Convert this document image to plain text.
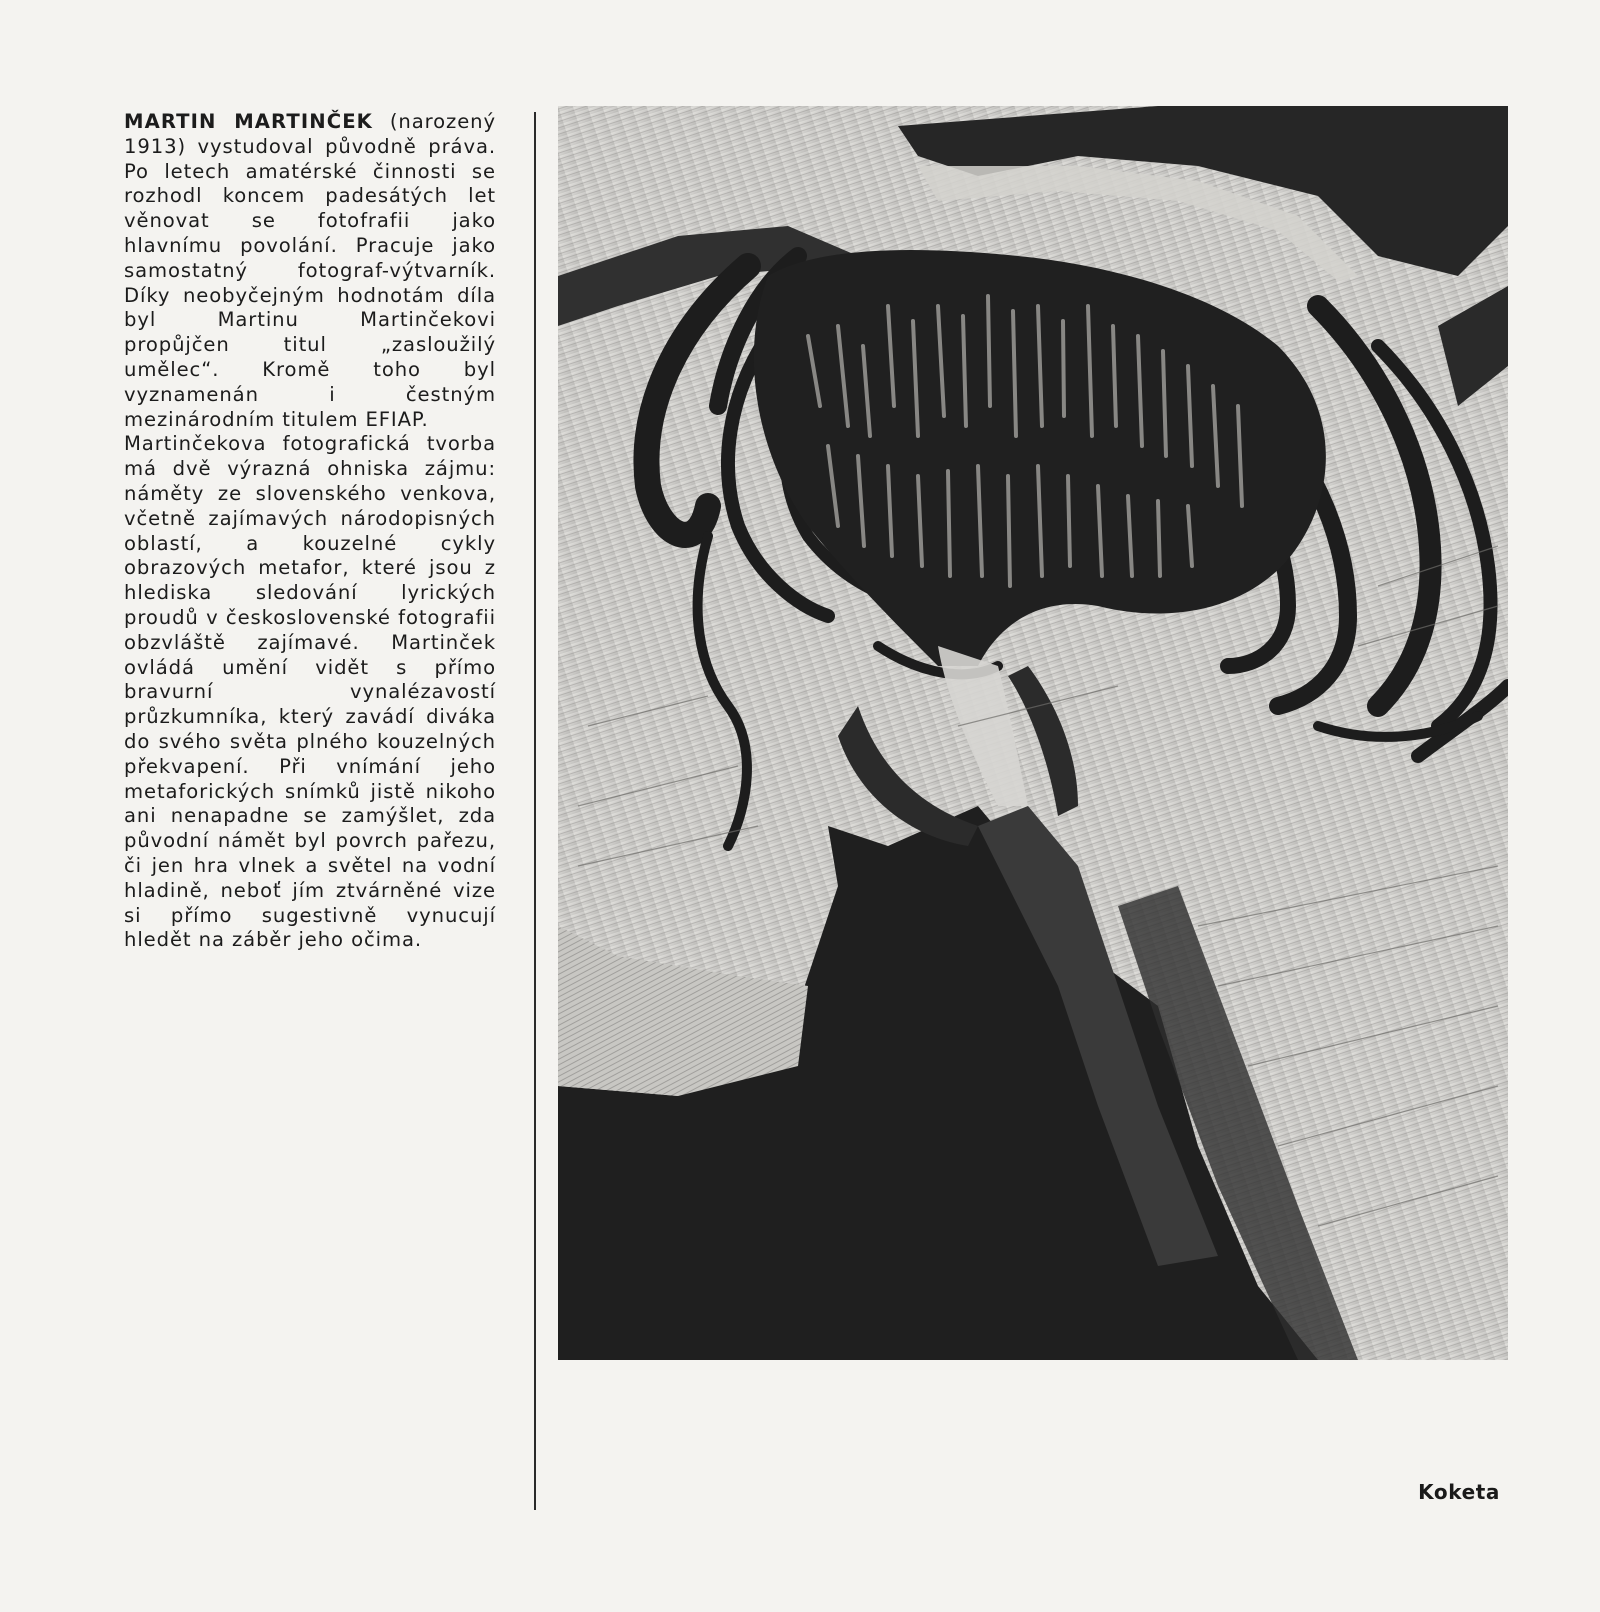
MARTIN MARTINČEK (narozený 1913) vystudoval původně práva. Po letech amatérské činnosti se rozhodl koncem padesátých let věnovat se fotofrafii jako hlavnímu povolání. Pracuje jako samostatný fotograf-výtvarník. Díky neobyčejným hodnotám díla byl Martinu Martinčekovi propůjčen titul „zasloužilý umělec“. Kromě toho byl vyznamenán i čestným mezinárodním titulem EFIAP.

Martinčekova fotografická tvorba má dvě výrazná ohniska zájmu: náměty ze slovenského venkova, včetně zajímavých národopisných oblastí, a kouzelné cykly obrazových metafor, které jsou z hlediska sledování lyrických proudů v československé fotografii obzvláště zajímavé. Martinček ovládá umění vidět s přímo bravurní vynalézavostí průzkumníka, který zavádí diváka do svého světa plného kouzelných překvapení. Při vnímání jeho metaforických snímků jistě nikoho ani nenapadne se zamýšlet, zda původní námět byl povrch pařezu, či jen hra vlnek a světel na vodní hladině, neboť jím ztvárněné vize si přímo sugestivně vynucují hledět na záběr jeho očima.

Koketa
